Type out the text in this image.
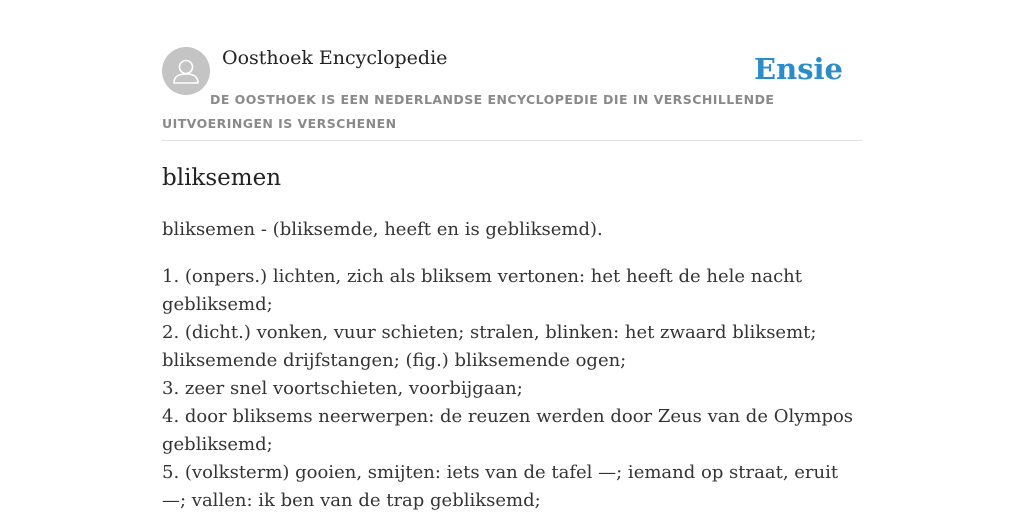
Oosthoek Encyclopedie	Ensie
DE OOSTHOEK IS EEN NEDERLANDSE ENCYCLOPEDIE DIE IN VERSCHILLENDE UITVOERINGEN IS VERSCHENEN
bliksemen

bliksemen - (bliksemde, heeft en is gebliksemd).

1. (onpers.) lichten, zich als bliksem vertonen: het heeft de hele nacht gebliksemd;
2. (dicht.) vonken, vuur schieten; stralen, blinken: het zwaard bliksemt; bliksemende drijfstangen; (fig.) bliksemende ogen;
3. zeer snel voortschieten, voorbijgaan;
4. door bliksems neerwerpen: de reuzen werden door Zeus van de Olympos gebliksemd;
5. (volksterm) gooien, smijten: iets van de tafel —; iemand op straat, eruit —; vallen: ik ben van de trap gebliksemd;
